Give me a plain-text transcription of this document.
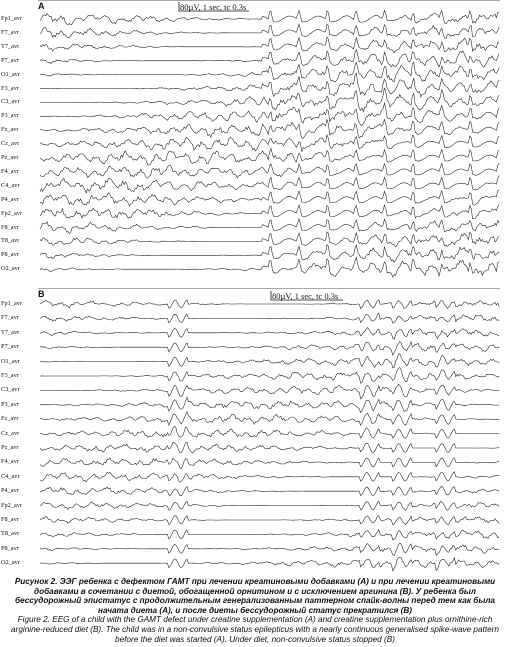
A	80µV, 1 sec, tc 0.3s
Fp1_avr
F7_avr
T7_avr
P7_avr
O1_avr
F3_avr
C3_avr
P3_avr
Fz_avr
Cz_avr
Pz_avr
F4_avr
C4_avr
P4_avr
Fp2_avr
F8_avr
T8_avr
P8_avr
O2_avr
B	80µV, 1 sec, tc 0.3s
Fp1_avr
F7_avr
T7_avr
P7_avr
O1_avr
F3_avr
C3_avr
P3_avr
Fz_avr
Cz_avr
Pz_avr
F4_avr
C4_avr
P4_avr
Fp2_avr
F8_avr
T8_avr
P8_avr
O2_avr
Рисунок 2. ЭЭГ ребенка с дефектом ГАМТ при лечении креатиновыми добавками (А) и при лечении креатиновыми добавками в сочетании с диетой, обогащенной орнитином и с исключением аргинина (В). У ребенка был бессудорожный эпистатус с продолжительным генерализованным паттерном спайк-волны перед тем как была начата диета (А), и после диеты бессудорожный статус прекратился (В)
Figure 2. EEG of a child with the GAMT defect under creatine supplementation (A) and creatine supplementation plus ornithine-rich arginine-reduced diet (B). The child was in a non-convulsive status epilepticus with a nearly continuous generalised spike-wave pattern before the diet was started (A). Under diet, non-convulsive status stopped (B)
